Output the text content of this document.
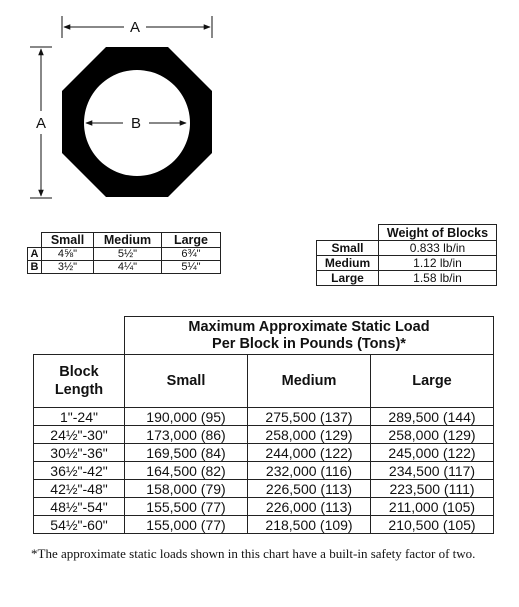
A
A	B
	Small	Medium	Large
A	4⅝"	5½"	6¾"
B	3½"	4¼"	5¼"
	Weight of Blocks
Small	0.833 lb/in
Medium	1.12 lb/in
Large	1.58 lb/in

	Maximum Approximate Static Load
Per Block in Pounds (Tons)*		

Block
Length	Small	Medium	Large
1"-24"	190,000 (95)	275,500 (137)	289,500 (144)
24½"-30"	173,000 (86)	258,000 (129)	258,000 (129)
30½"-36"	169,500 (84)	244,000 (122)	245,000 (122)
36½"-42"	164,500 (82)	232,000 (116)	234,500 (117)
42½"-48"	158,000 (79)	226,500 (113)	223,500 (111)
48½"-54"	155,500 (77)	226,000 (113)	211,000 (105)
54½"-60"	155,000 (77)	218,500 (109)	210,500 (105)
*The approximate static loads shown in this chart have a built-in safety factor of two.
